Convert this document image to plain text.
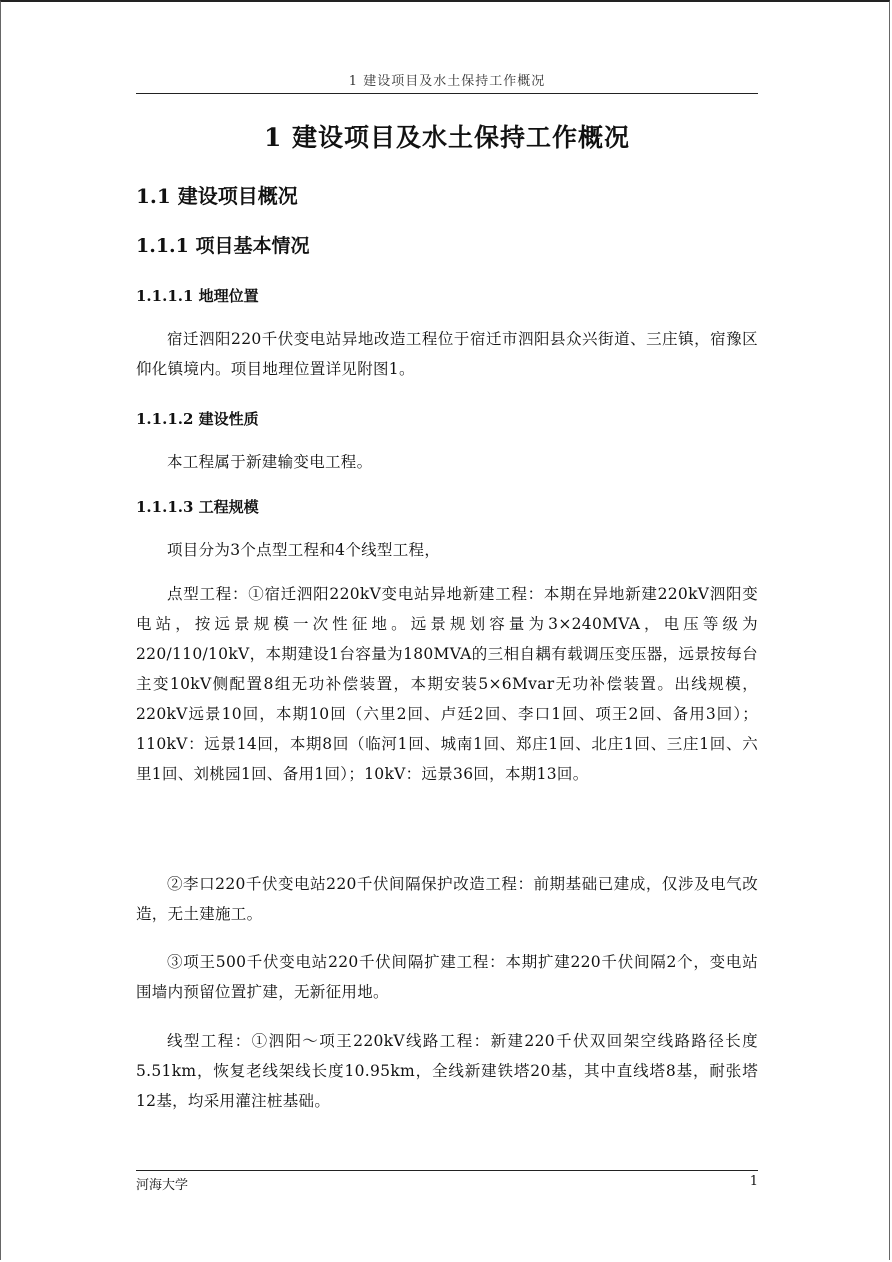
1 建设项目及水土保持工作概况
1 建设项目及水土保持工作概况
1.1 建设项目概况
1.1.1 项目基本情况
1.1.1.1 地理位置
宿迁泗阳220千伏变电站异地改造工程位于宿迁市泗阳县众兴街道、三庄镇，宿豫区仰化镇境内。项目地理位置详见附图1。
1.1.1.2 建设性质
本工程属于新建输变电工程。
1.1.1.3 工程规模
项目分为3个点型工程和4个线型工程，
点型工程：①宿迁泗阳220kV变电站异地新建工程：本期在异地新建220kV泗阳变电站，按远景规模一次性征地。远景规划容量为3×240MVA，电压等级为220/110/10kV，本期建设1台容量为180MVA的三相自耦有载调压变压器，远景按每台主变10kV侧配置8组无功补偿装置，本期安装5×6Mvar无功补偿装置。出线规模，220kV远景10回，本期10回（六里2回、卢廷2回、李口1回、项王2回、备用3回）；110kV：远景14回，本期8回（临河1回、城南1回、郑庄1回、北庄1回、三庄1回、六里1回、刘桃园1回、备用1回）；10kV：远景36回，本期13回。
②李口220千伏变电站220千伏间隔保护改造工程：前期基础已建成，仅涉及电气改造，无土建施工。
③项王500千伏变电站220千伏间隔扩建工程：本期扩建220千伏间隔2个，变电站围墙内预留位置扩建，无新征用地。
线型工程：①泗阳～项王220kV线路工程：新建220千伏双回架空线路路径长度5.51km，恢复老线架线长度10.95km，全线新建铁塔20基，其中直线塔8基，耐张塔12基，均采用灌注桩基础。
河海大学	1
